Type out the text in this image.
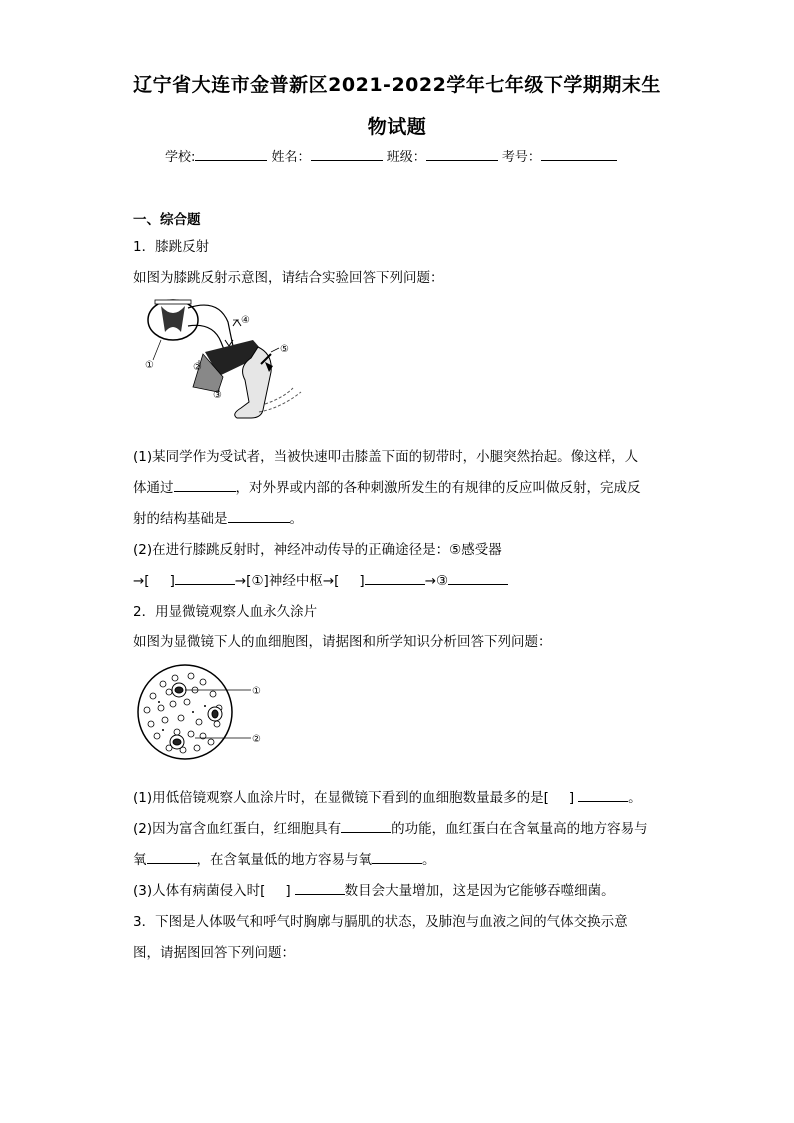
辽宁省大连市金普新区2021-2022学年七年级下学期期末生
物试题
学校:	姓名：	班级：	考号：
一、综合题
1．膝跳反射
如图为膝跳反射示意图，请结合实验回答下列问题：
①	②
③
④
⑤
(1)某同学作为受试者，当被快速叩击膝盖下面的韧带时，小腿突然抬起。像这样，人
体通过	，对外界或内部的各种刺激所发生的有规律的反应叫做反射，完成反
射的结构基础是	。
(2)在进行膝跳反射时，神经冲动传导的正确途径是：⑤感受器
→[ ]	→[①]神经中枢→[ ]	→③
2．用显微镜观察人血永久涂片
如图为显微镜下人的血细胞图，请据图和所学知识分析回答下列问题：
①
②
(1)用低倍镜观察人血涂片时，在显微镜下看到的血细胞数量最多的是[ ]	。
(2)因为富含血红蛋白，红细胞具有	的功能，血红蛋白在含氧量高的地方容易与
氧	，在含氧量低的地方容易与氧	。
(3)人体有病菌侵入时[ ]	数目会大量增加，这是因为它能够吞噬细菌。
3．下图是人体吸气和呼气时胸廓与膈肌的状态，及肺泡与血液之间的气体交换示意
图，请据图回答下列问题：
